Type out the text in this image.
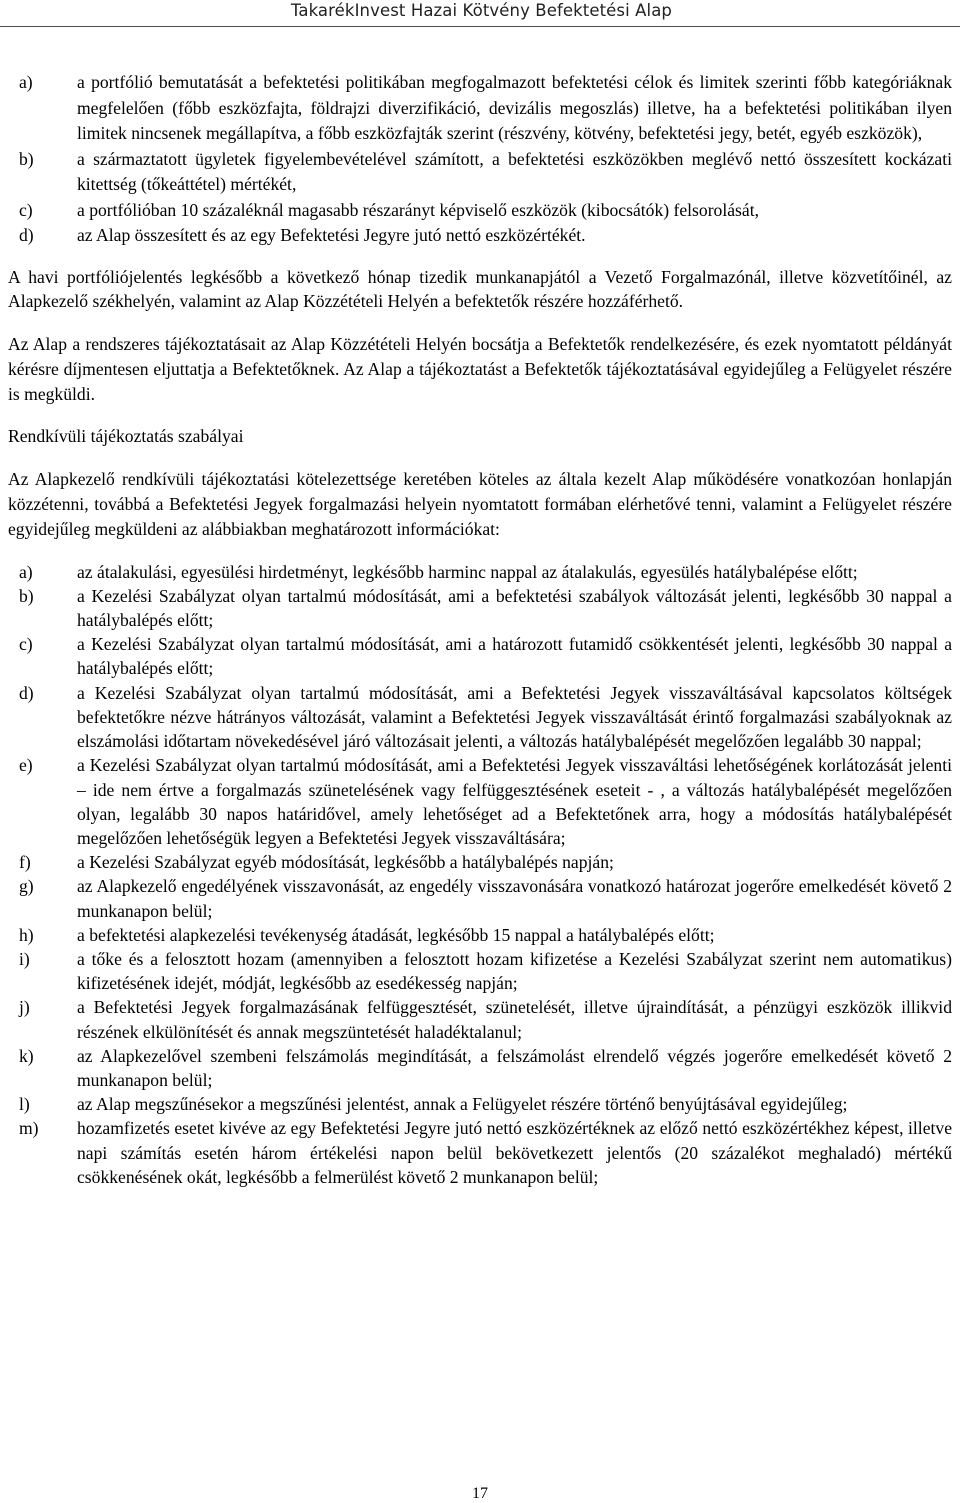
TakarékInvest Hazai Kötvény Befektetési Alap
a)	a portfólió bemutatását a befektetési politikában megfogalmazott befektetési célok és limitek szerinti főbb kategóriáknak megfelelően (főbb eszközfajta, földrajzi diverzifikáció, devizális megoszlás) illetve, ha a befektetési politikában ilyen limitek nincsenek megállapítva, a főbb eszközfajták szerint (részvény, kötvény, befektetési jegy, betét, egyéb eszközök),
b)	a származtatott ügyletek figyelembevételével számított, a befektetési eszközökben meglévő nettó összesített kockázati kitettség (tőkeáttétel) mértékét,
c)	a portfólióban 10 százaléknál magasabb részarányt képviselő eszközök (kibocsátók) felsorolását,
d)	az Alap összesített és az egy Befektetési Jegyre jutó nettó eszközértékét.

A havi portfóliójelentés legkésőbb a következő hónap tizedik munkanapjától a Vezető Forgalmazónál, illetve közvetítőinél, az Alapkezelő székhelyén, valamint az Alap Közzétételi Helyén a befektetők részére hozzáférhető.

Az Alap a rendszeres tájékoztatásait az Alap Közzétételi Helyén bocsátja a Befektetők rendelkezésére, és ezek nyomtatott példányát kérésre díjmentesen eljuttatja a Befektetőknek. Az Alap a tájékoztatást a Befektetők tájékoztatásával egyidejűleg a Felügyelet részére is megküldi.

Rendkívüli tájékoztatás szabályai

Az Alapkezelő rendkívüli tájékoztatási kötelezettsége keretében köteles az általa kezelt Alap működésére vonatkozóan honlapján közzétenni, továbbá a Befektetési Jegyek forgalmazási helyein nyomtatott formában elérhetővé tenni, valamint a Felügyelet részére egyidejűleg megküldeni az alábbiakban meghatározott információkat:

a)	az átalakulási, egyesülési hirdetményt, legkésőbb harminc nappal az átalakulás, egyesülés hatálybalépése előtt;
b)	a Kezelési Szabályzat olyan tartalmú módosítását, ami a befektetési szabályok változását jelenti, legkésőbb 30 nappal a hatálybalépés előtt;
c)	a Kezelési Szabályzat olyan tartalmú módosítását, ami a határozott futamidő csökkentését jelenti, legkésőbb 30 nappal a hatálybalépés előtt;
d)	a Kezelési Szabályzat olyan tartalmú módosítását, ami a Befektetési Jegyek visszaváltásával kapcsolatos költségek befektetőkre nézve hátrányos változását, valamint a Befektetési Jegyek visszaváltását érintő forgalmazási szabályoknak az elszámolási időtartam növekedésével járó változásait jelenti, a változás hatálybalépését megelőzően legalább 30 nappal;
e)	a Kezelési Szabályzat olyan tartalmú módosítását, ami a Befektetési Jegyek visszaváltási lehetőségének korlátozását jelenti – ide nem értve a forgalmazás szünetelésének vagy felfüggesztésének eseteit - , a változás hatálybalépését megelőzően olyan, legalább 30 napos határidővel, amely lehetőséget ad a Befektetőnek arra, hogy a módosítás hatálybalépését megelőzően lehetőségük legyen a Befektetési Jegyek visszaváltására;
f)	a Kezelési Szabályzat egyéb módosítását, legkésőbb a hatálybalépés napján;
g)	az Alapkezelő engedélyének visszavonását, az engedély visszavonására vonatkozó határozat jogerőre emelkedését követő 2 munkanapon belül;
h)	a befektetési alapkezelési tevékenység átadását, legkésőbb 15 nappal a hatálybalépés előtt;
i)	a tőke és a felosztott hozam (amennyiben a felosztott hozam kifizetése a Kezelési Szabályzat szerint nem automatikus) kifizetésének idejét, módját, legkésőbb az esedékesség napján;
j)	a Befektetési Jegyek forgalmazásának felfüggesztését, szünetelését, illetve újraindítását, a pénzügyi eszközök illikvid részének elkülönítését és annak megszüntetését haladéktalanul;
k)	az Alapkezelővel szembeni felszámolás megindítását, a felszámolást elrendelő végzés jogerőre emelkedését követő 2 munkanapon belül;
l)	az Alap megszűnésekor a megszűnési jelentést, annak a Felügyelet részére történő benyújtásával egyidejűleg;
m)	hozamfizetés esetet kivéve az egy Befektetési Jegyre jutó nettó eszközértéknek az előző nettó eszközértékhez képest, illetve napi számítás esetén három értékelési napon belül bekövetkezett jelentős (20 százalékot meghaladó) mértékű csökkenésének okát, legkésőbb a felmerülést követő 2 munkanapon belül;
17
